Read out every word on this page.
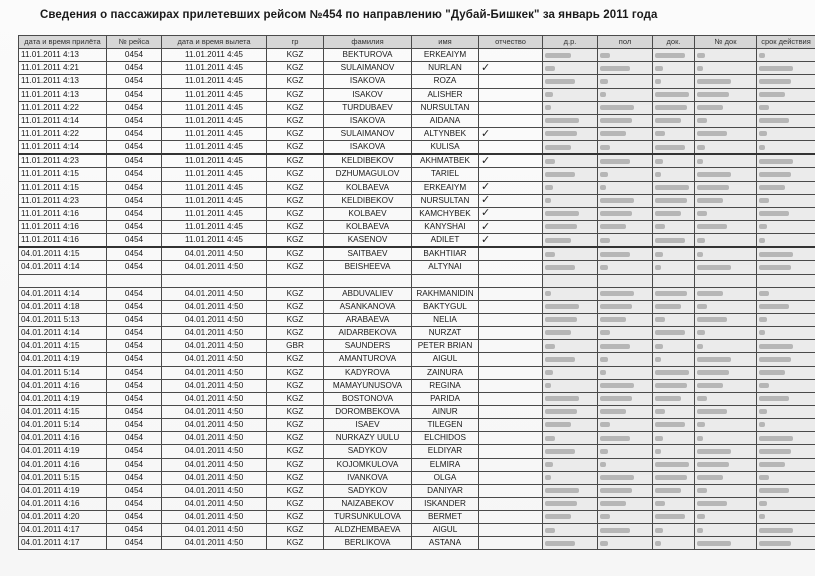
Сведения о пассажирах прилетевших рейсом №454 по направлению "Дубай-Бишкек" за январь 2011 года
дата и время прилёта	№ рейса	дата и время вылета	гр	фамилия	имя	отчество	д.р.	пол	док.	№ док	срок действия
11.01.2011 4:13	0454	11.01.2011 4:45	KGZ	BEKTUROVA	ERKEAIYM						
11.01.2011 4:21	0454	11.01.2011 4:45	KGZ	SULAIMANOV	NURLAN	✓					
11.01.2011 4:13	0454	11.01.2011 4:45	KGZ	ISAKOVA	ROZA						
11.01.2011 4:13	0454	11.01.2011 4:45	KGZ	ISAKOV	ALISHER						
11.01.2011 4:22	0454	11.01.2011 4:45	KGZ	TURDUBAEV	NURSULTAN						
11.01.2011 4:14	0454	11.01.2011 4:45	KGZ	ISAKOVA	AIDANA						
11.01.2011 4:22	0454	11.01.2011 4:45	KGZ	SULAIMANOV	ALTYNBEK	✓					
11.01.2011 4:14	0454	11.01.2011 4:45	KGZ	ISAKOVA	KULISA						
11.01.2011 4:23	0454	11.01.2011 4:45	KGZ	KELDIBEKOV	AKHMATBEK	✓					
11.01.2011 4:15	0454	11.01.2011 4:45	KGZ	DZHUMAGULOV	TARIEL						
11.01.2011 4:15	0454	11.01.2011 4:45	KGZ	KOLBAEVA	ERKEAIYM	✓					
11.01.2011 4:23	0454	11.01.2011 4:45	KGZ	KELDIBEKOV	NURSULTAN	✓					
11.01.2011 4:16	0454	11.01.2011 4:45	KGZ	KOLBAEV	KAMCHYBEK	✓					
11.01.2011 4:16	0454	11.01.2011 4:45	KGZ	KOLBAEVA	KANYSHAI	✓					
11.01.2011 4:16	0454	11.01.2011 4:45	KGZ	KASENOV	ADILET	✓					
04.01.2011 4:15	0454	04.01.2011 4:50	KGZ	SAITBAEV	BAKHTIIAR						
04.01.2011 4:14	0454	04.01.2011 4:50	KGZ	BEISHEEVA	ALTYNAI						

04.01.2011 4:14	0454	04.01.2011 4:50	KGZ	ABDUVALIEV	RAKHMANIDIN						
04.01.2011 4:18	0454	04.01.2011 4:50	KGZ	ASANKANOVA	BAKTYGUL						
04.01.2011 5:13	0454	04.01.2011 4:50	KGZ	ARABAEVA	NELIA						
04.01.2011 4:14	0454	04.01.2011 4:50	KGZ	AIDARBEKOVA	NURZAT						
04.01.2011 4:15	0454	04.01.2011 4:50	GBR	SAUNDERS	PETER BRIAN						
04.01.2011 4:19	0454	04.01.2011 4:50	KGZ	AMANTUROVA	AIGUL						
04.01.2011 5:14	0454	04.01.2011 4:50	KGZ	KADYROVA	ZAINURA						
04.01.2011 4:16	0454	04.01.2011 4:50	KGZ	MAMAYUNUSOVA	REGINA						
04.01.2011 4:19	0454	04.01.2011 4:50	KGZ	BOSTONOVA	PARIDA						
04.01.2011 4:15	0454	04.01.2011 4:50	KGZ	DOROMBEKOVA	AINUR						
04.01.2011 5:14	0454	04.01.2011 4:50	KGZ	ISAEV	TILEGEN						
04.01.2011 4:16	0454	04.01.2011 4:50	KGZ	NURKAZY UULU	ELCHIDOS						
04.01.2011 4:19	0454	04.01.2011 4:50	KGZ	SADYKOV	ELDIYAR						
04.01.2011 4:16	0454	04.01.2011 4:50	KGZ	KOJOMKULOVA	ELMIRA						
04.01.2011 5:15	0454	04.01.2011 4:50	KGZ	IVANKOVA	OLGA						
04.01.2011 4:19	0454	04.01.2011 4:50	KGZ	SADYKOV	DANIYAR						
04.01.2011 4:16	0454	04.01.2011 4:50	KGZ	NAIZABEKOV	ISKANDER						
04.01.2011 4:20	0454	04.01.2011 4:50	KGZ	TURSUNKULOVA	BERMET						
04.01.2011 4:17	0454	04.01.2011 4:50	KGZ	ALDZHEMBAEVA	AIGUL						
04.01.2011 4:17	0454	04.01.2011 4:50	KGZ	BERLIKOVA	ASTANA						
